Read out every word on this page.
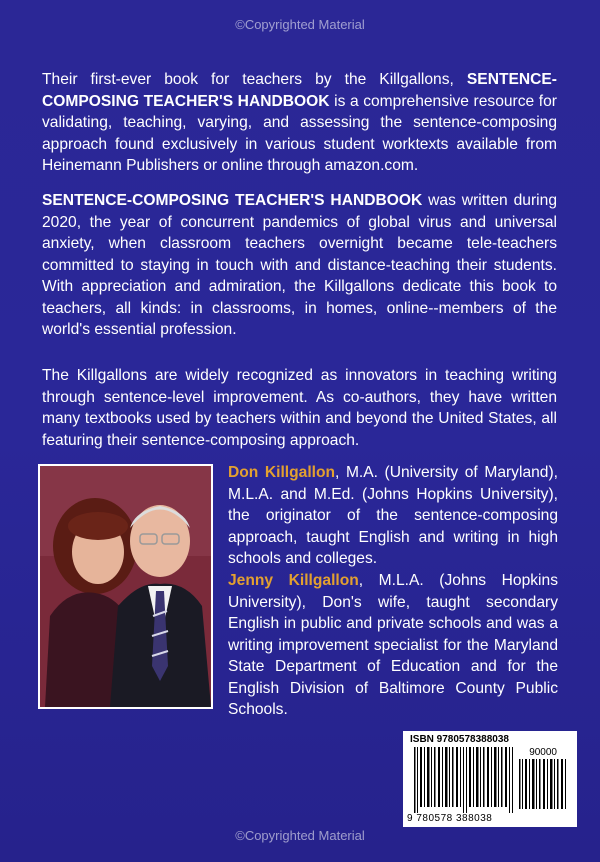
©Copyrighted Material
Their first-ever book for teachers by the Killgallons, SENTENCE-COMPOSING TEACHER'S HANDBOOK is a comprehensive resource for validating, teaching, varying, and assessing the sentence-composing approach found exclusively in various student worktexts available from Heinemann Publishers or online through amazon.com.
SENTENCE-COMPOSING TEACHER'S HANDBOOK was written during 2020, the year of concurrent pandemics of global virus and universal anxiety, when classroom teachers overnight became tele-teachers committed to staying in touch with and distance-teaching their students. With appreciation and admiration, the Killgallons dedicate this book to teachers, all kinds: in classrooms, in homes, online--members of the world's essential profession.
The Killgallons are widely recognized as innovators in teaching writing through sentence-level improvement. As co-authors, they have written many textbooks used by teachers within and beyond the United States, all featuring their sentence-composing approach.
Don Killgallon, M.A. (University of Maryland), M.L.A. and M.Ed. (Johns Hopkins University), the originator of the sentence-composing approach, taught English and writing in high schools and colleges.
Jenny Killgallon, M.L.A. (Johns Hopkins University), Don's wife, taught secondary English in public and private schools and was a writing improvement specialist for the Maryland State Department of Education and for the English Division of Baltimore County Public Schools.
ISBN 9780578388038
90000
9 780578 388038
©Copyrighted Material
